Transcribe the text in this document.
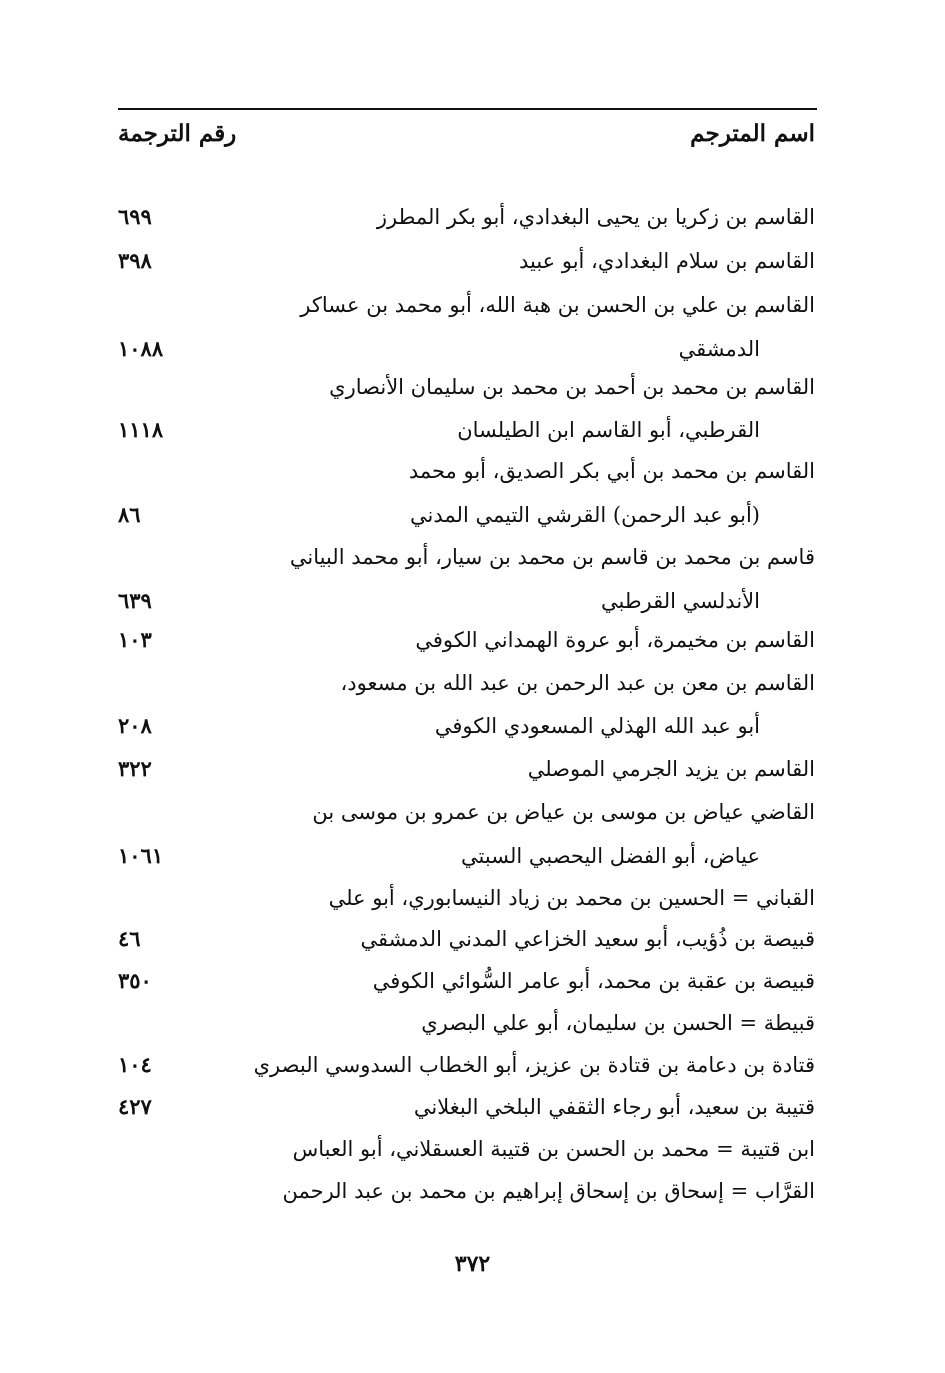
اسم المترجم
رقم الترجمة
القاسم بن زكريا بن يحيى البغدادي، أبو بكر المطرز
القاسم بن سلام البغدادي، أبو عبيد
القاسم بن علي بن الحسن بن هبة الله، أبو محمد بن عساكر
الدمشقي
القاسم بن محمد بن أحمد بن محمد بن سليمان الأنصاري
القرطبي، أبو القاسم ابن الطيلسان
القاسم بن محمد بن أبي بكر الصديق، أبو محمد
(أبو عبد الرحمن) القرشي التيمي المدني
قاسم بن محمد بن قاسم بن محمد بن سيار، أبو محمد البياني
الأندلسي القرطبي
القاسم بن مخيمرة، أبو عروة الهمداني الكوفي
القاسم بن معن بن عبد الرحمن بن عبد الله بن مسعود،
أبو عبد الله الهذلي المسعودي الكوفي
القاسم بن يزيد الجرمي الموصلي
القاضي عياض بن موسى بن عياض بن عمرو بن موسى بن
عياض، أبو الفضل اليحصبي السبتي
القباني = الحسين بن محمد بن زياد النيسابوري، أبو علي
قبيصة بن ذُؤيب، أبو سعيد الخزاعي المدني الدمشقي
قبيصة بن عقبة بن محمد، أبو عامر السُّوائي الكوفي
قبيطة = الحسن بن سليمان، أبو علي البصري
قتادة بن دعامة بن قتادة بن عزيز، أبو الخطاب السدوسي البصري
قتيبة بن سعيد، أبو رجاء الثقفي البلخي البغلاني
ابن قتيبة = محمد بن الحسن بن قتيبة العسقلاني، أبو العباس
القرَّاب = إسحاق بن إسحاق إبراهيم بن محمد بن عبد الرحمن
٦٩٩
٣٩٨
١٠٨٨
١١١٨
٨٦
٦٣٩
١٠٣
٢٠٨
٣٢٢
١٠٦١
٤٦
٣٥٠
١٠٤
٤٢٧
٣٧٢
